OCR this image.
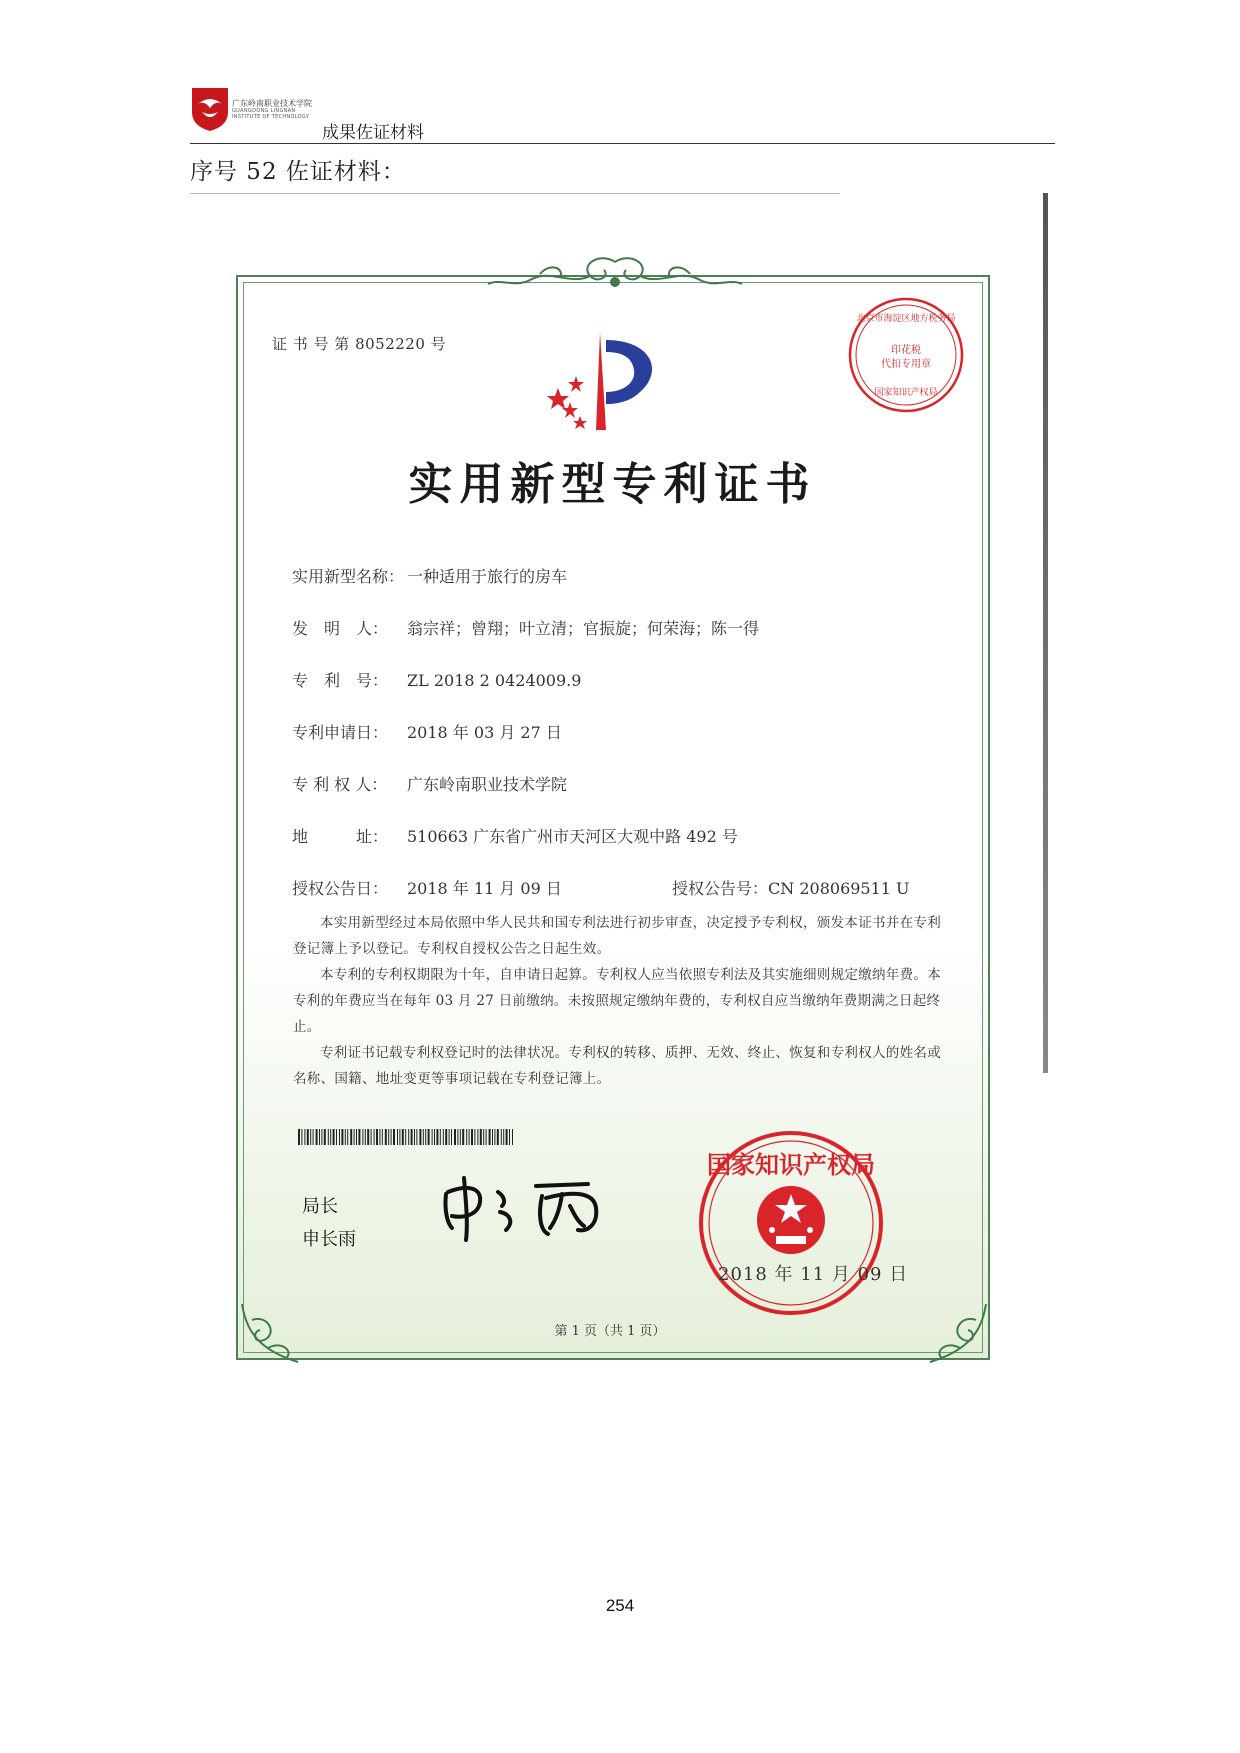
广东岭南职业技术学院
GUANGDONG LINGNAN
INSTITUTE OF TECHNOLOGY
成果佐证材料
序号 52 佐证材料：
证 书 号 第 8052220 号
北京市海淀区地方税务局
印花税
代扣专用章
国家知识产权局
实用新型专利证书
实用新型名称： 一种适用于旅行的房车
发　明　人： 翁宗祥；曾翔；叶立清；官振旋；何荣海；陈一得
专　利　号： ZL 2018 2 0424009.9
专利申请日： 2018 年 03 月 27 日
专 利 权 人： 广东岭南职业技术学院
地　　　址： 510663 广东省广州市天河区大观中路 492 号
授权公告日： 2018 年 11 月 09 日	授权公告号：CN 208069511 U
本实用新型经过本局依照中华人民共和国专利法进行初步审查，决定授予专利权，颁发本证书并在专利登记簿上予以登记。专利权自授权公告之日起生效。
本专利的专利权期限为十年，自申请日起算。专利权人应当依照专利法及其实施细则规定缴纳年费。本专利的年费应当在每年 03 月 27 日前缴纳。未按照规定缴纳年费的，专利权自应当缴纳年费期满之日起终止。
专利证书记载专利权登记时的法律状况。专利权的转移、质押、无效、终止、恢复和专利权人的姓名或名称、国籍、地址变更等事项记载在专利登记簿上。
局长
申长雨
国家知识产权局
2018 年 11 月 09 日
第 1 页（共 1 页）
254
